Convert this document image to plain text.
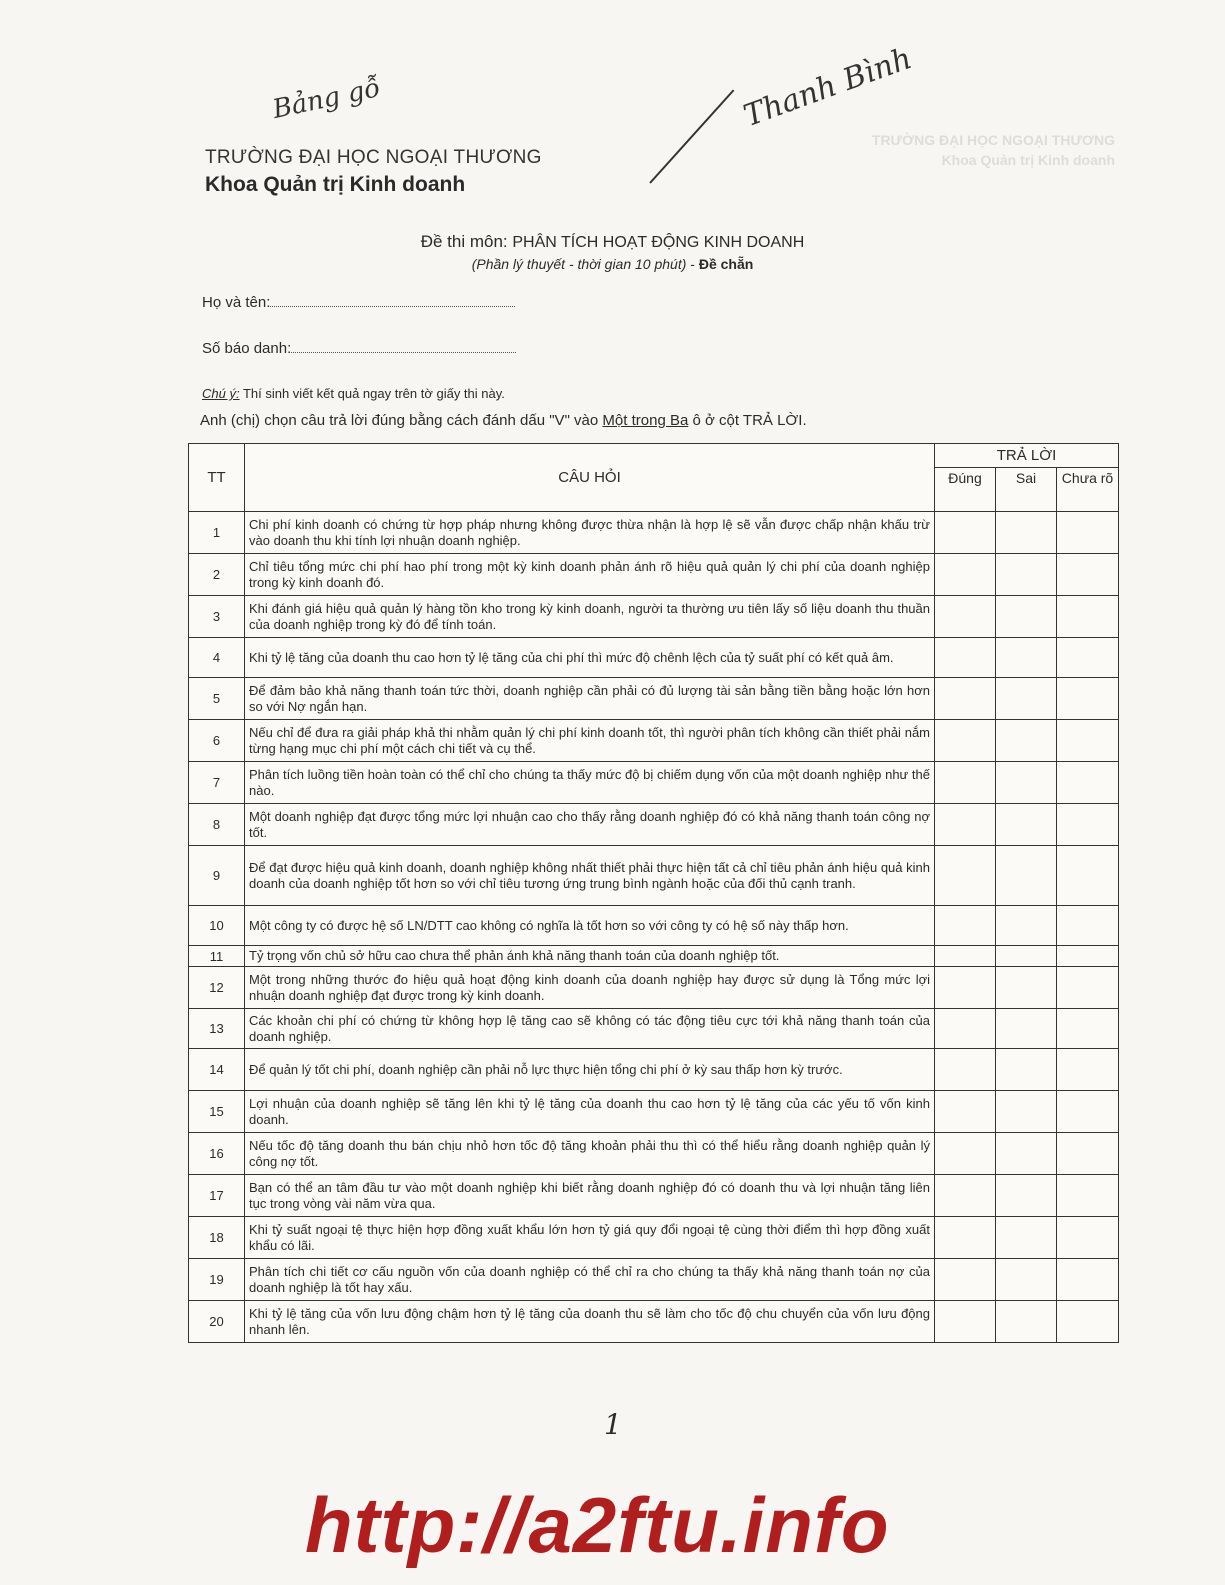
TRƯỜNG ĐẠI HỌC NGOẠI THƯƠNG
Khoa Quản trị Kinh doanh
Bảng gỗ	Thanh Bình
TRƯỜNG ĐẠI HỌC NGOẠI THƯƠNG
Khoa Quản trị Kinh doanh
Đề thi môn: PHÂN TÍCH HOẠT ĐỘNG KINH DOANH
(Phần lý thuyết - thời gian 10 phút) - Đề chẵn
Họ và tên:
Số báo danh:
Chú ý: Thí sinh viết kết quả ngay trên tờ giấy thi này.
Anh (chị) chọn câu trả lời đúng bằng cách đánh dấu "V" vào Một trong Ba ô ở cột TRẢ LỜI.
TT	CÂU HỎI	TRẢ LỜI		
		Đúng	Sai	Chưa rõ
1	Chi phí kinh doanh có chứng từ hợp pháp nhưng không được thừa nhận là hợp lệ sẽ vẫn được chấp nhận khấu trừ vào doanh thu khi tính lợi nhuận doanh nghiệp.			
2	Chỉ tiêu tổng mức chi phí hao phí trong một kỳ kinh doanh phản ánh rõ hiệu quả quản lý chi phí của doanh nghiệp trong kỳ kinh doanh đó.			
3	Khi đánh giá hiệu quả quản lý hàng tồn kho trong kỳ kinh doanh, người ta thường ưu tiên lấy số liệu doanh thu thuần của doanh nghiệp trong kỳ đó để tính toán.			
4	Khi tỷ lệ tăng của doanh thu cao hơn tỷ lệ tăng của chi phí thì mức độ chênh lệch của tỷ suất phí có kết quả âm.			
5	Để đảm bảo khả năng thanh toán tức thời, doanh nghiệp cần phải có đủ lượng tài sản bằng tiền bằng hoặc lớn hơn so với Nợ ngắn hạn.			
6	Nếu chỉ để đưa ra giải pháp khả thi nhằm quản lý chi phí kinh doanh tốt, thì người phân tích không cần thiết phải nắm từng hạng mục chi phí một cách chi tiết và cụ thể.			
7	Phân tích luồng tiền hoàn toàn có thể chỉ cho chúng ta thấy mức độ bị chiếm dụng vốn của một doanh nghiệp như thế nào.			
8	Một doanh nghiệp đạt được tổng mức lợi nhuận cao cho thấy rằng doanh nghiệp đó có khả năng thanh toán công nợ tốt.			
9	Để đạt được hiệu quả kinh doanh, doanh nghiệp không nhất thiết phải thực hiện tất cả chỉ tiêu phản ánh hiệu quả kinh doanh của doanh nghiệp tốt hơn so với chỉ tiêu tương ứng trung bình ngành hoặc của đối thủ cạnh tranh.			
10	Một công ty có được hệ số LN/DTT cao không có nghĩa là tốt hơn so với công ty có hệ số này thấp hơn.			
11	Tỷ trọng vốn chủ sở hữu cao chưa thể phản ánh khả năng thanh toán của doanh nghiệp tốt.			
12	Một trong những thước đo hiệu quả hoạt động kinh doanh của doanh nghiệp hay được sử dụng là Tổng mức lợi nhuận doanh nghiệp đạt được trong kỳ kinh doanh.			
13	Các khoản chi phí có chứng từ không hợp lệ tăng cao sẽ không có tác động tiêu cực tới khả năng thanh toán của doanh nghiệp.			
14	Để quản lý tốt chi phí, doanh nghiệp cần phải nỗ lực thực hiện tổng chi phí ở kỳ sau thấp hơn kỳ trước.			
15	Lợi nhuận của doanh nghiệp sẽ tăng lên khi tỷ lệ tăng của doanh thu cao hơn tỷ lệ tăng của các yếu tố vốn kinh doanh.			
16	Nếu tốc độ tăng doanh thu bán chịu nhỏ hơn tốc độ tăng khoản phải thu thì có thể hiểu rằng doanh nghiệp quản lý công nợ tốt.			
17	Bạn có thể an tâm đầu tư vào một doanh nghiệp khi biết rằng doanh nghiệp đó có doanh thu và lợi nhuận tăng liên tục trong vòng vài năm vừa qua.			
18	Khi tỷ suất ngoại tệ thực hiện hợp đồng xuất khẩu lớn hơn tỷ giá quy đổi ngoại tệ cùng thời điểm thì hợp đồng xuất khẩu có lãi.			
19	Phân tích chi tiết cơ cấu nguồn vốn của doanh nghiệp có thể chỉ ra cho chúng ta thấy khả năng thanh toán nợ của doanh nghiệp là tốt hay xấu.			
20	Khi tỷ lệ tăng của vốn lưu động chậm hơn tỷ lệ tăng của doanh thu sẽ làm cho tốc độ chu chuyển của vốn lưu động nhanh lên.			
1
http://a2ftu.info
